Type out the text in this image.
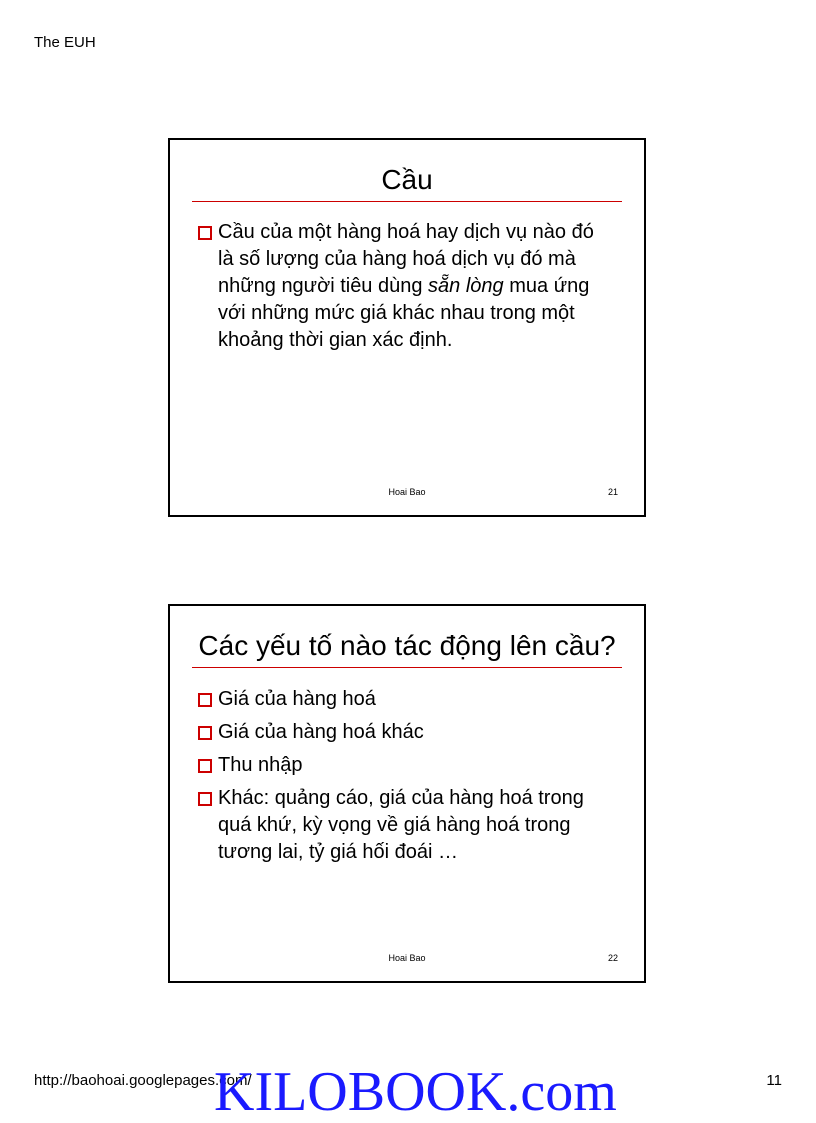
The EUH
Cầu
Cầu của một hàng hoá hay dịch vụ nào đó là số lượng của hàng hoá dịch vụ đó mà những người tiêu dùng sẵn lòng mua ứng với những mức giá khác nhau trong một khoảng thời gian xác định.
Hoai Bao	21
Các yếu tố nào tác động lên cầu?
Giá của hàng hoá
Giá của hàng hoá khác
Thu nhập
Khác: quảng cáo, giá của hàng hoá trong quá khứ, kỳ vọng về giá hàng hoá trong tương lai, tỷ giá hối đoái …
Hoai Bao	22
http://baohoai.googlepages.com/
KILOBOOK.com	11
